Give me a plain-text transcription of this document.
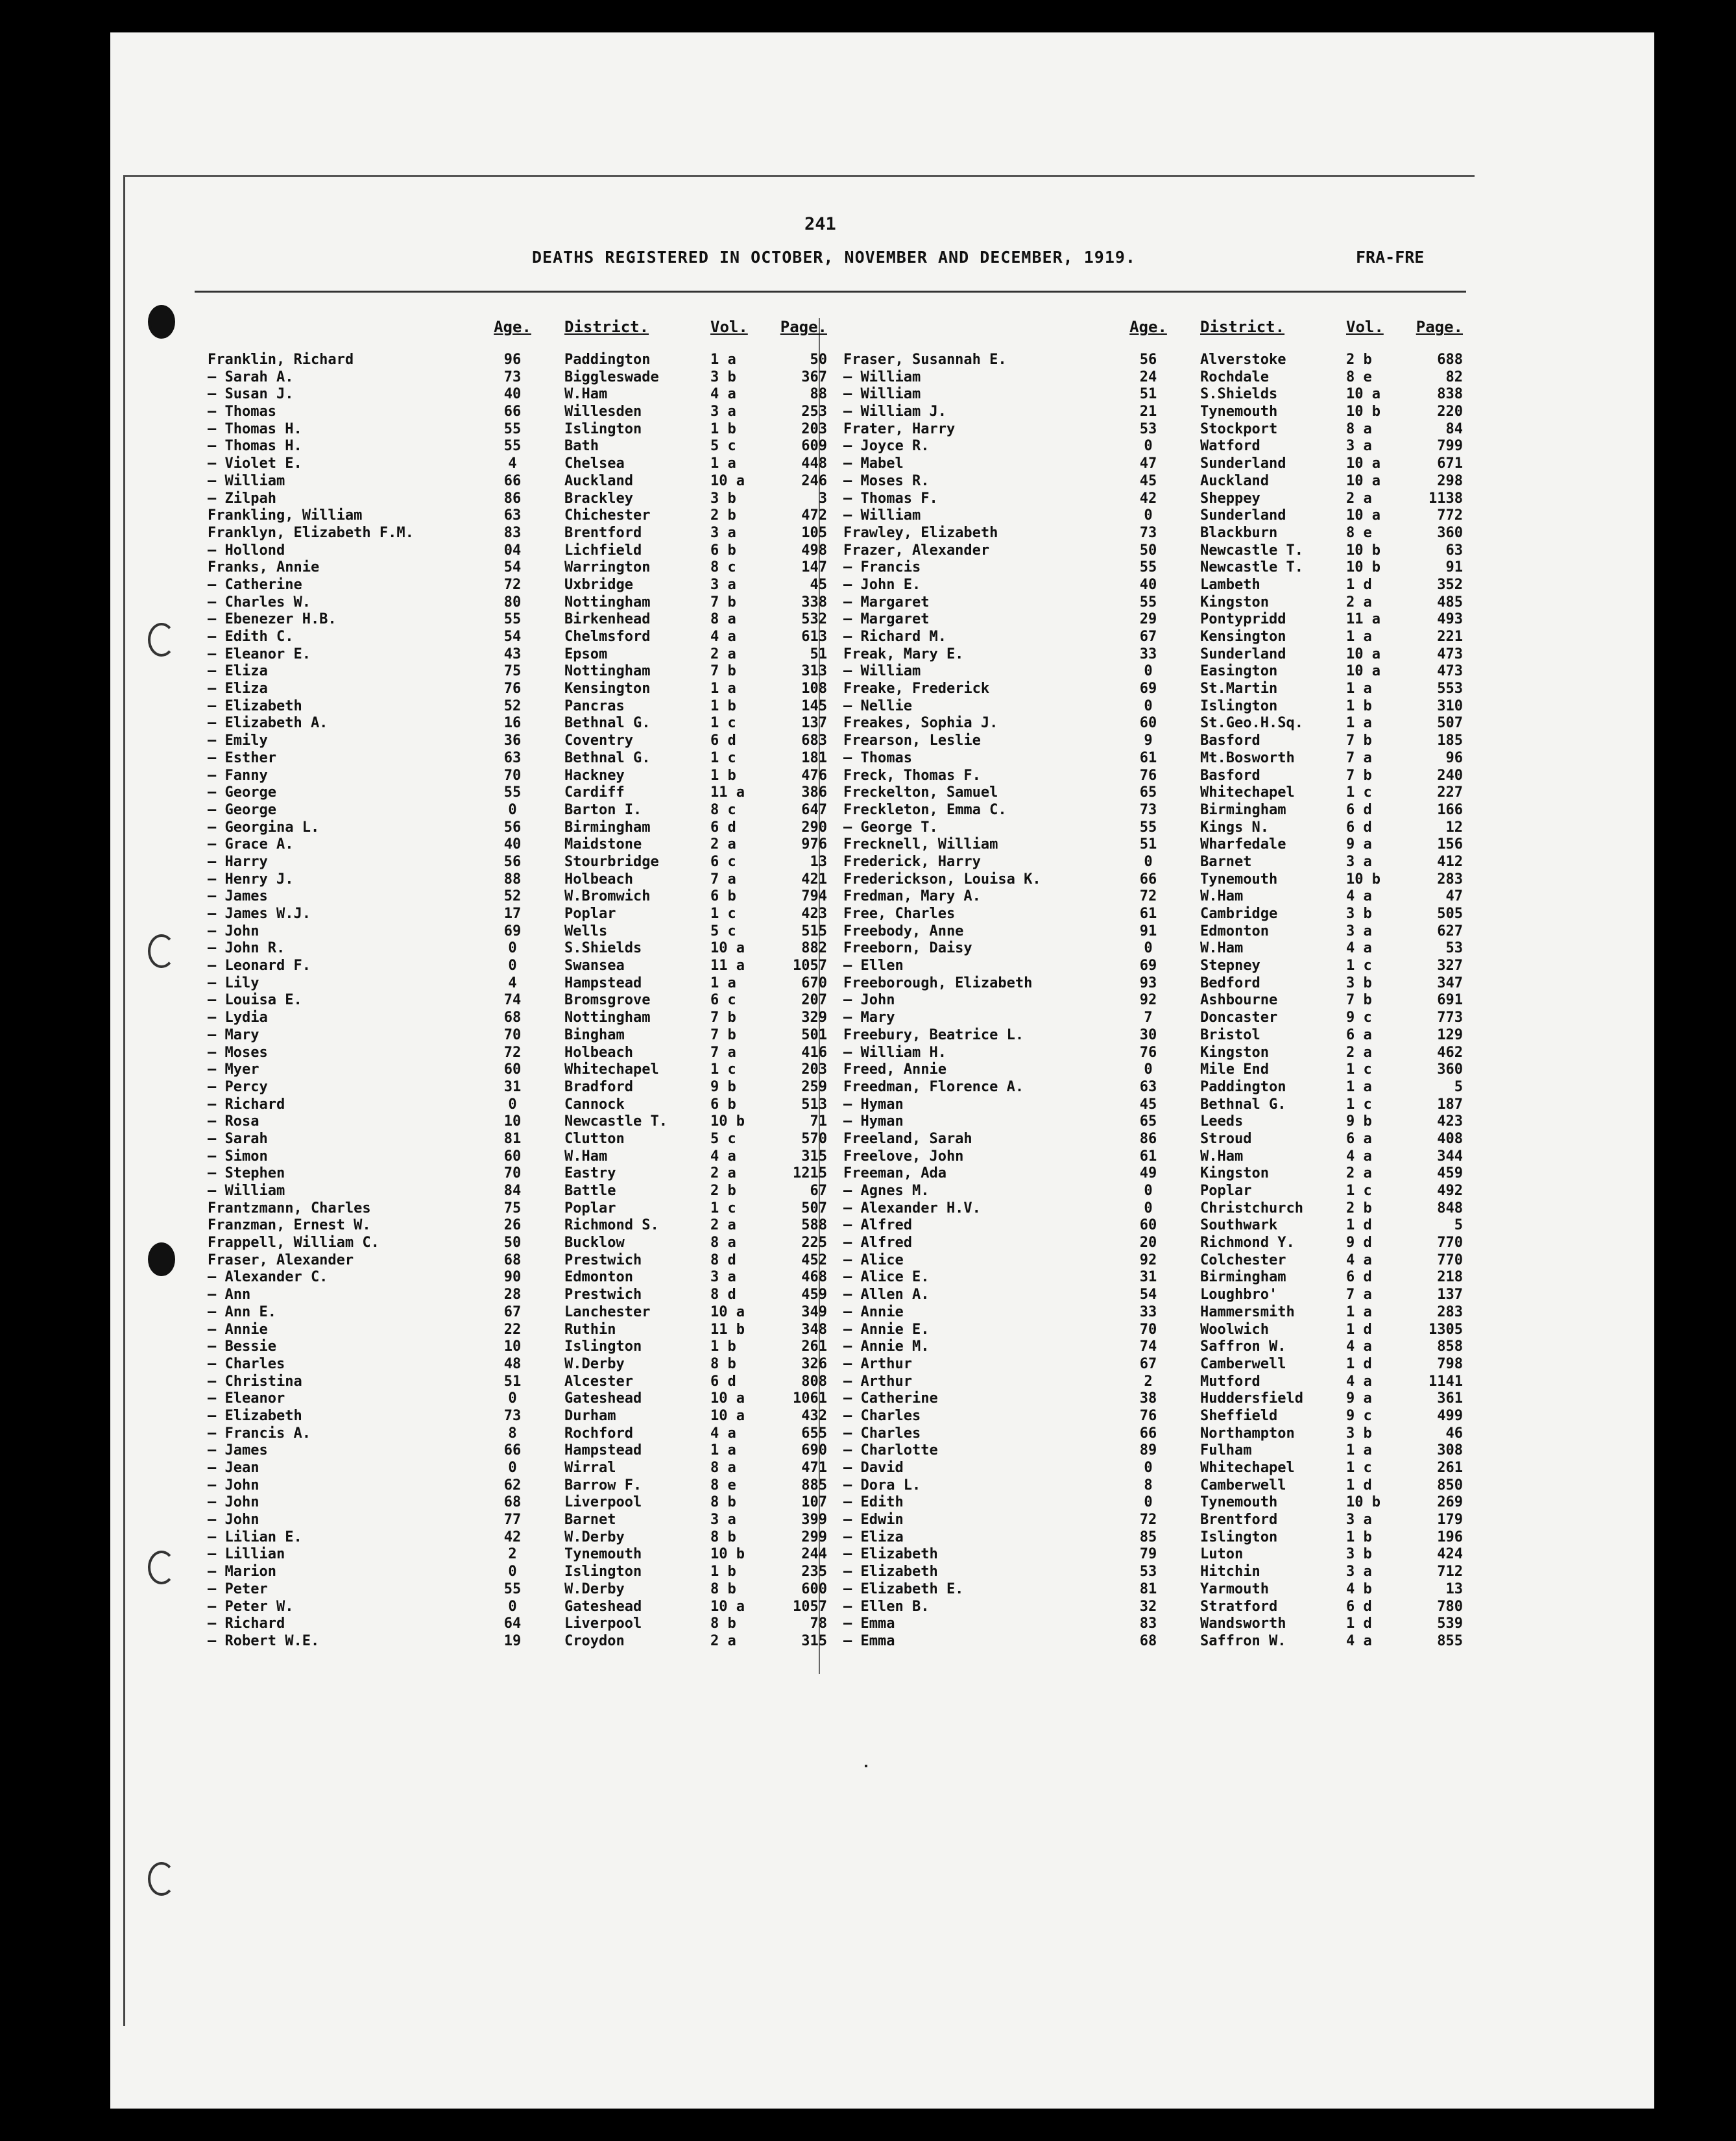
241
DEATHS REGISTERED IN OCTOBER, NOVEMBER AND DECEMBER, 1919.	FRA-FRE
Age.	District.	Vol.	Page.
Franklin, Richard	96	Paddington	1 a	50
— Sarah A.	73	Biggleswade	3 b	367
— Susan J.	40	W.Ham	4 a	88
— Thomas	66	Willesden	3 a	253
— Thomas H.	55	Islington	1 b	203
— Thomas H.	55	Bath	5 c	609
— Violet E.	4	Chelsea	1 a	448
— William	66	Auckland	10 a	246
— Zilpah	86	Brackley	3 b	3
Frankling, William	63	Chichester	2 b	472
Franklyn, Elizabeth F.M.	83	Brentford	3 a	105
— Hollond	04	Lichfield	6 b	498
Franks, Annie	54	Warrington	8 c	147
— Catherine	72	Uxbridge	3 a	45
— Charles W.	80	Nottingham	7 b	338
— Ebenezer H.B.	55	Birkenhead	8 a	532
— Edith C.	54	Chelmsford	4 a	613
— Eleanor E.	43	Epsom	2 a	51
— Eliza	75	Nottingham	7 b	313
— Eliza	76	Kensington	1 a	108
— Elizabeth	52	Pancras	1 b	145
— Elizabeth A.	16	Bethnal G.	1 c	137
— Emily	36	Coventry	6 d	683
— Esther	63	Bethnal G.	1 c	181
— Fanny	70	Hackney	1 b	476
— George	55	Cardiff	11 a	386
— George	0	Barton I.	8 c	647
— Georgina L.	56	Birmingham	6 d	290
— Grace A.	40	Maidstone	2 a	976
— Harry	56	Stourbridge	6 c	13
— Henry J.	88	Holbeach	7 a	421
— James	52	W.Bromwich	6 b	794
— James W.J.	17	Poplar	1 c	423
— John	69	Wells	5 c	515
— John R.	0	S.Shields	10 a	882
— Leonard F.	0	Swansea	11 a	1057
— Lily	4	Hampstead	1 a	670
— Louisa E.	74	Bromsgrove	6 c	207
— Lydia	68	Nottingham	7 b	329
— Mary	70	Bingham	7 b	501
— Moses	72	Holbeach	7 a	416
— Myer	60	Whitechapel	1 c	203
— Percy	31	Bradford	9 b	259
— Richard	0	Cannock	6 b	513
— Rosa	10	Newcastle T.	10 b	71
— Sarah	81	Clutton	5 c	570
— Simon	60	W.Ham	4 a	315
— Stephen	70	Eastry	2 a	1215
— William	84	Battle	2 b	67
Frantzmann, Charles	75	Poplar	1 c	507
Franzman, Ernest W.	26	Richmond S.	2 a	588
Frappell, William C.	50	Bucklow	8 a	225
Fraser, Alexander	68	Prestwich	8 d	452
— Alexander C.	90	Edmonton	3 a	468
— Ann	28	Prestwich	8 d	459
— Ann E.	67	Lanchester	10 a	349
— Annie	22	Ruthin	11 b	348
— Bessie	10	Islington	1 b	261
— Charles	48	W.Derby	8 b	326
— Christina	51	Alcester	6 d	808
— Eleanor	0	Gateshead	10 a	1061
— Elizabeth	73	Durham	10 a	432
— Francis A.	8	Rochford	4 a	655
— James	66	Hampstead	1 a	690
— Jean	0	Wirral	8 a	471
— John	62	Barrow F.	8 e	885
— John	68	Liverpool	8 b	107
— John	77	Barnet	3 a	399
— Lilian E.	42	W.Derby	8 b	299
— Lillian	2	Tynemouth	10 b	244
— Marion	0	Islington	1 b	235
— Peter	55	W.Derby	8 b	600
— Peter W.	0	Gateshead	10 a	1057
— Richard	64	Liverpool	8 b	78
— Robert W.E.	19	Croydon	2 a	315
Age.	District.	Vol.	Page.
Fraser, Susannah E.	56	Alverstoke	2 b	688
— William	24	Rochdale	8 e	82
— William	51	S.Shields	10 a	838
— William J.	21	Tynemouth	10 b	220
Frater, Harry	53	Stockport	8 a	84
— Joyce R.	0	Watford	3 a	799
— Mabel	47	Sunderland	10 a	671
— Moses R.	45	Auckland	10 a	298
— Thomas F.	42	Sheppey	2 a	1138
— William	0	Sunderland	10 a	772
Frawley, Elizabeth	73	Blackburn	8 e	360
Frazer, Alexander	50	Newcastle T.	10 b	63
— Francis	55	Newcastle T.	10 b	91
— John E.	40	Lambeth	1 d	352
— Margaret	55	Kingston	2 a	485
— Margaret	29	Pontypridd	11 a	493
— Richard M.	67	Kensington	1 a	221
Freak, Mary E.	33	Sunderland	10 a	473
— William	0	Easington	10 a	473
Freake, Frederick	69	St.Martin	1 a	553
— Nellie	0	Islington	1 b	310
Freakes, Sophia J.	60	St.Geo.H.Sq.	1 a	507
Frearson, Leslie	9	Basford	7 b	185
— Thomas	61	Mt.Bosworth	7 a	96
Freck, Thomas F.	76	Basford	7 b	240
Freckelton, Samuel	65	Whitechapel	1 c	227
Freckleton, Emma C.	73	Birmingham	6 d	166
— George T.	55	Kings N.	6 d	12
Frecknell, William	51	Wharfedale	9 a	156
Frederick, Harry	0	Barnet	3 a	412
Frederickson, Louisa K.	66	Tynemouth	10 b	283
Fredman, Mary A.	72	W.Ham	4 a	47
Free, Charles	61	Cambridge	3 b	505
Freebody, Anne	91	Edmonton	3 a	627
Freeborn, Daisy	0	W.Ham	4 a	53
— Ellen	69	Stepney	1 c	327
Freeborough, Elizabeth	93	Bedford	3 b	347
— John	92	Ashbourne	7 b	691
— Mary	7	Doncaster	9 c	773
Freebury, Beatrice L.	30	Bristol	6 a	129
— William H.	76	Kingston	2 a	462
Freed, Annie	0	Mile End	1 c	360
Freedman, Florence A.	63	Paddington	1 a	5
— Hyman	45	Bethnal G.	1 c	187
— Hyman	65	Leeds	9 b	423
Freeland, Sarah	86	Stroud	6 a	408
Freelove, John	61	W.Ham	4 a	344
Freeman, Ada	49	Kingston	2 a	459
— Agnes M.	0	Poplar	1 c	492
— Alexander H.V.	0	Christchurch	2 b	848
— Alfred	60	Southwark	1 d	5
— Alfred	20	Richmond Y.	9 d	770
— Alice	92	Colchester	4 a	770
— Alice E.	31	Birmingham	6 d	218
— Allen A.	54	Loughbro'	7 a	137
— Annie	33	Hammersmith	1 a	283
— Annie E.	70	Woolwich	1 d	1305
— Annie M.	74	Saffron W.	4 a	858
— Arthur	67	Camberwell	1 d	798
— Arthur	2	Mutford	4 a	1141
— Catherine	38	Huddersfield	9 a	361
— Charles	76	Sheffield	9 c	499
— Charles	66	Northampton	3 b	46
— Charlotte	89	Fulham	1 a	308
— David	0	Whitechapel	1 c	261
— Dora L.	8	Camberwell	1 d	850
— Edith	0	Tynemouth	10 b	269
— Edwin	72	Brentford	3 a	179
— Eliza	85	Islington	1 b	196
— Elizabeth	79	Luton	3 b	424
— Elizabeth	53	Hitchin	3 a	712
— Elizabeth E.	81	Yarmouth	4 b	13
— Ellen B.	32	Stratford	6 d	780
— Emma	83	Wandsworth	1 d	539
— Emma	68	Saffron W.	4 a	855
